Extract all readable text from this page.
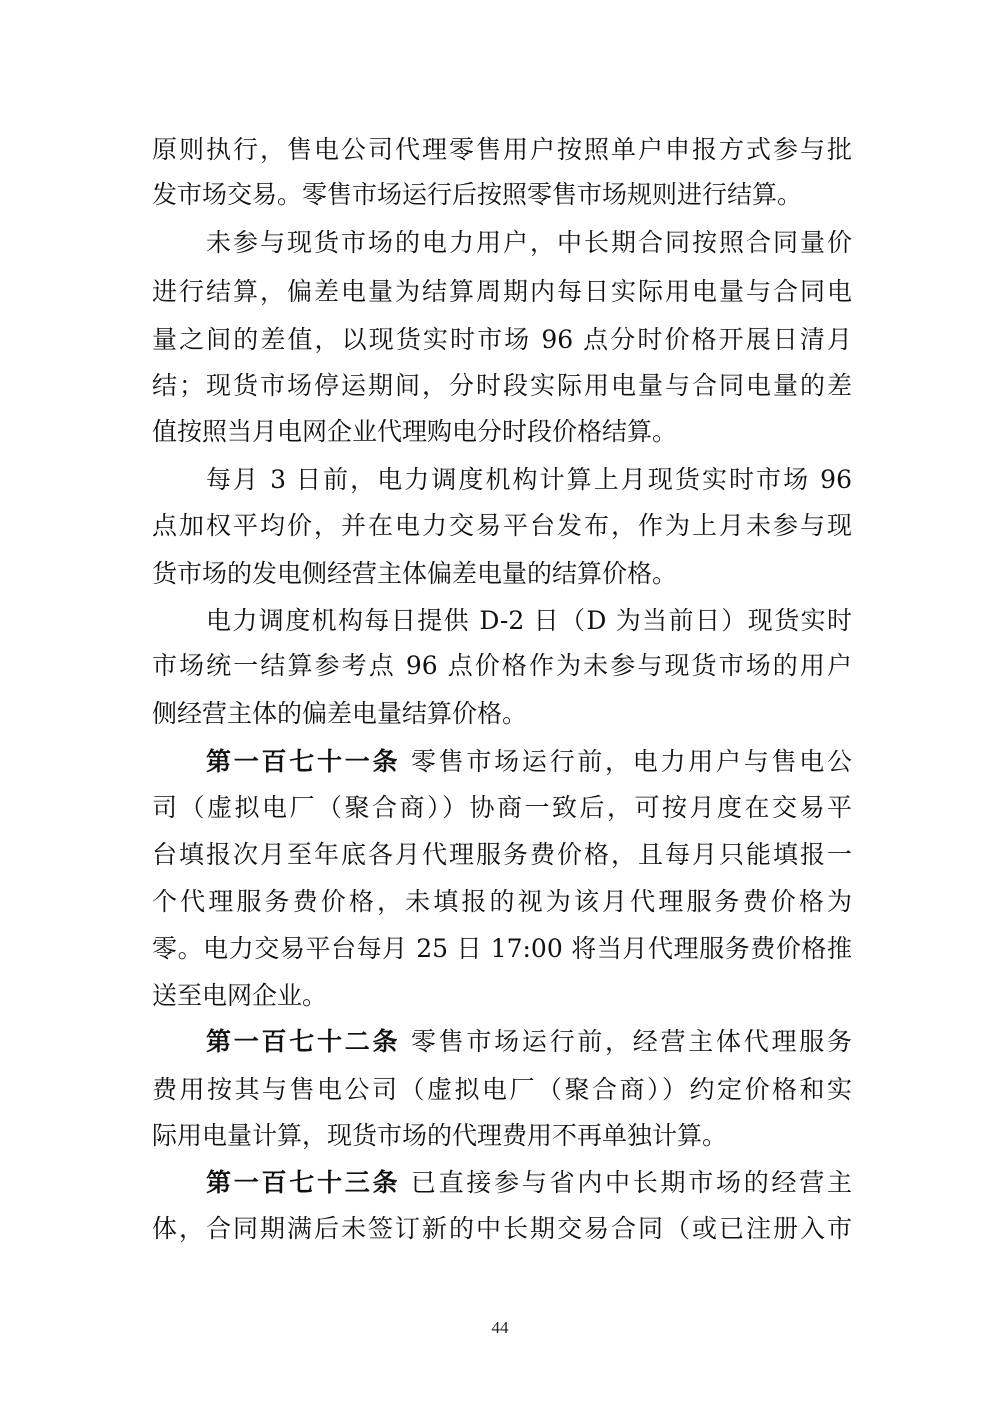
原则执行，售电公司代理零售用户按照单户申报方式参与批
发市场交易。零售市场运行后按照零售市场规则进行结算。
未参与现货市场的电力用户，中长期合同按照合同量价
进行结算，偏差电量为结算周期内每日实际用电量与合同电
量之间的差值，以现货实时市场 96 点分时价格开展日清月
结；现货市场停运期间，分时段实际用电量与合同电量的差
值按照当月电网企业代理购电分时段价格结算。
每月 3 日前，电力调度机构计算上月现货实时市场 96
点加权平均价，并在电力交易平台发布，作为上月未参与现
货市场的发电侧经营主体偏差电量的结算价格。
电力调度机构每日提供 D-2 日（D 为当前日）现货实时
市场统一结算参考点 96 点价格作为未参与现货市场的用户
侧经营主体的偏差电量结算价格。
第一百七十一条 零售市场运行前，电力用户与售电公
司（虚拟电厂（聚合商））协商一致后，可按月度在交易平
台填报次月至年底各月代理服务费价格，且每月只能填报一
个代理服务费价格，未填报的视为该月代理服务费价格为
零。电力交易平台每月 25 日 17:00 将当月代理服务费价格推
送至电网企业。
第一百七十二条 零售市场运行前，经营主体代理服务
费用按其与售电公司（虚拟电厂（聚合商））约定价格和实
际用电量计算，现货市场的代理费用不再单独计算。
第一百七十三条 已直接参与省内中长期市场的经营主
体，合同期满后未签订新的中长期交易合同（或已注册入市
44
